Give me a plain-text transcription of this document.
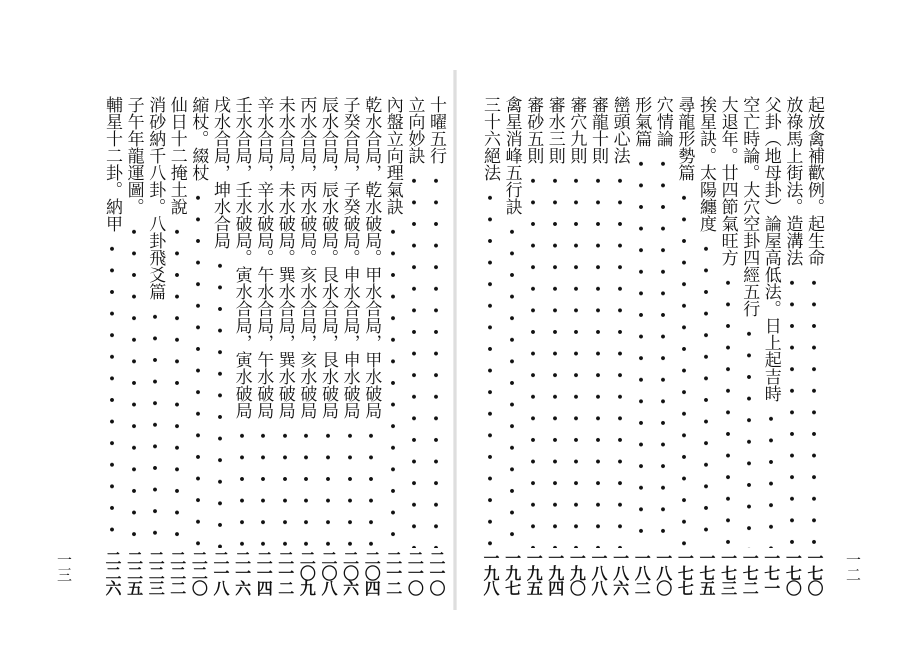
一三	一二
十曜五行
二一〇
立向妙訣
二一〇
內盤立向理氣訣
二一二
乾水合局，乾水破局。甲水合局，甲水破局
二〇四
子癸合局，子癸破局。申水合局，申水破局
二〇六
辰水合局，辰水破局。艮水合局，艮水破局
二〇八
丙水合局，丙水破局。亥水合局，亥水破局
二〇九
未水合局，未水破局。巽水合局，巽水破局
二一二
辛水合局，辛水破局。午水合局，午水破局
二一四
壬水合局，壬水破局。寅水合局，寅水破局
二一六
戌水合局，坤水合局
二一八
縮杖。綴杖
二二〇
仙日十二掩土說
二二二
消砂納千八卦。八卦飛爻篇
二二三
子午年龍運圖。
二二五
輔星十二卦。納甲
二二六
起放禽補歡例。起生命
一七〇
放祿馬上街法。造溝法
一七〇
父卦（地母卦）論屋高低法。日上起吉時
一七一
空亡時論。大穴空卦四經五行
一七二
大退年。廿四節氣旺方
一七三
挨星訣。太陽纏度
一七五
尋龍形勢篇
一七七
穴情論
一八〇
形氣篇
一八二
巒頭心法
一八六
審龍十則
一八八
審穴九則
一九〇
審水三則
一九四
審砂五則
一九五
禽星消峰五行訣
一九七
三十六絕法
一九八
